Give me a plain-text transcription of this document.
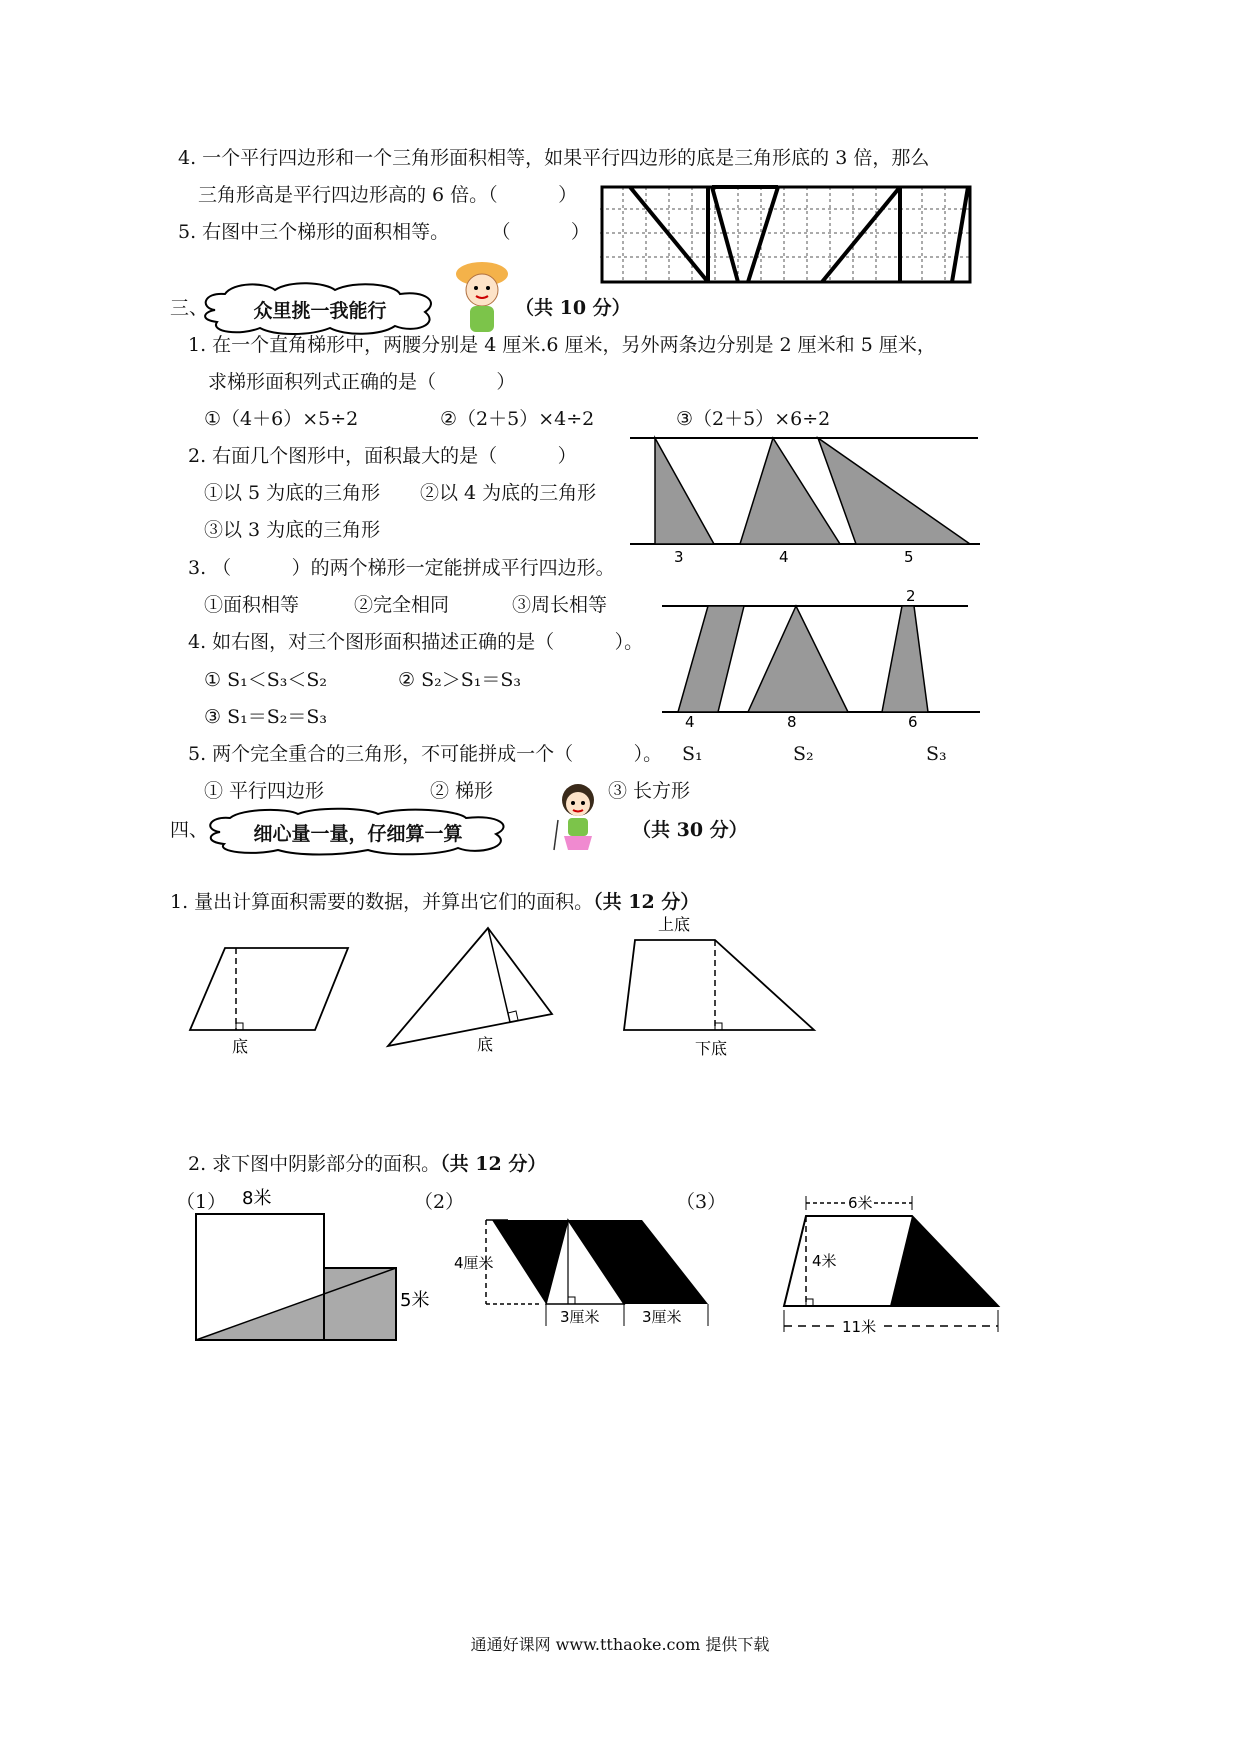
4. 一个平行四边形和一个三角形面积相等，如果平行四边形的底是三角形底的 3 倍，那么
三角形高是平行四边形高的 6 倍。（          ）
5. 右图中三个梯形的面积相等。       （          ）
三、	众里挑一我能行	（共 10 分）
1. 在一个直角梯形中，两腰分别是 4 厘米.6 厘米，另外两条边分别是 2 厘米和 5 厘米，
求梯形面积列式正确的是（          ）
①（4＋6）×5÷2	②（2＋5）×4÷2	③（2＋5）×6÷2
2. 右面几个图形中，面积最大的是（          ）
①以 5 为底的三角形 ②以 4 为底的三角形
③以 3 为底的三角形
3	4	5
3. （          ）的两个梯形一定能拼成平行四边形。
①面积相等	②完全相同	③周长相等
4. 如右图，对三个图形面积描述正确的是（          ）。
① S₁＜S₃＜S₂	② S₂＞S₁＝S₃
③ S₁＝S₂＝S₃
2
4	8	6
S₁	S₂	S₃
5. 两个完全重合的三角形，不可能拼成一个（          ）。
① 平行四边形	② 梯形	③ 长方形
四、	细心量一量，仔细算一算	（共 30 分）
1. 量出计算面积需要的数据，并算出它们的面积。（共 12 分）
底	底
上底
下底
2. 求下图中阴影部分的面积。（共 12 分）
（1）	（2）	（3）
8米
5米
4厘米
3厘米	3厘米
6米
4米
11米
通通好课网 www.tthaoke.com 提供下载
